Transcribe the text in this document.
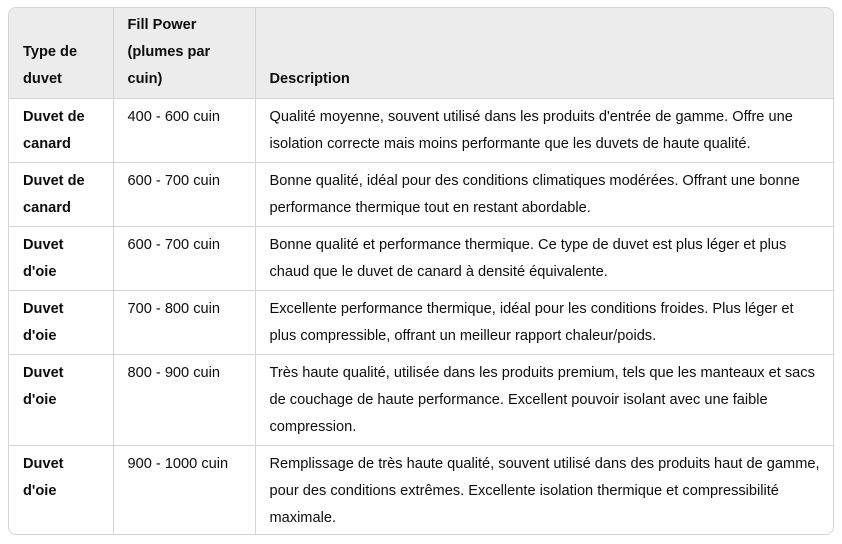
Type de duvet	Fill Power (plumes par cuin)	Description
Duvet de canard	400 - 600 cuin	Qualité moyenne, souvent utilisé dans les produits d'entrée de gamme. Offre une isolation correcte mais moins performante que les duvets de haute qualité.
Duvet de canard	600 - 700 cuin	Bonne qualité, idéal pour des conditions climatiques modérées. Offrant une bonne performance thermique tout en restant abordable.
Duvet d'oie	600 - 700 cuin	Bonne qualité et performance thermique. Ce type de duvet est plus léger et plus chaud que le duvet de canard à densité équivalente.
Duvet d'oie	700 - 800 cuin	Excellente performance thermique, idéal pour les conditions froides. Plus léger et plus compressible, offrant un meilleur rapport chaleur/poids.
Duvet d'oie	800 - 900 cuin	Très haute qualité, utilisée dans les produits premium, tels que les manteaux et sacs de couchage de haute performance. Excellent pouvoir isolant avec une faible compression.
Duvet d'oie	900 - 1000 cuin	Remplissage de très haute qualité, souvent utilisé dans des produits haut de gamme, pour des conditions extrêmes. Excellente isolation thermique et compressibilité maximale.
